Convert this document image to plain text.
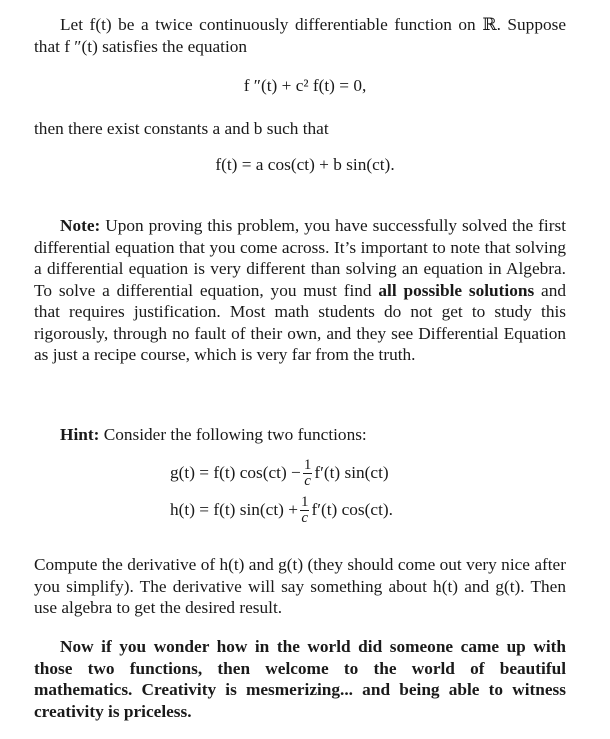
Let f(t) be a twice continuously differentiable function on ℝ. Suppose that f ″(t) satisfies the equation

f ″(t) + c² f(t) = 0,

then there exist constants a and b such that

f(t) = a cos(ct) + b sin(ct).

Note: Upon proving this problem, you have successfully solved the first differential equation that you come across. It’s important to note that solving a differential equation is very different than solving an equation in Algebra. To solve a differential equation, you must find all possible solutions and that requires justification. Most math students do not get to study this rigorously, through no fault of their own, and they see Differential Equation as just a recipe course, which is very far from the truth.

Hint: Consider the following two functions:

g(t) = f(t) $\cos(ct) - \frac{1}{c} f'(t)$ sin(ct)
h(t) = f(t) $\sin(ct) + \frac{1}{c} f'(t)$ cos(ct).

Compute the derivative of h(t) and g(t) (they should come out very nice after you simplify). The derivative will say something about h(t) and g(t). Then use algebra to get the desired result.

Now if you wonder how in the world did someone came up with those two functions, then welcome to the world of beautiful mathematics. Creativity is mesmerizing... and being able to witness creativity is priceless.
